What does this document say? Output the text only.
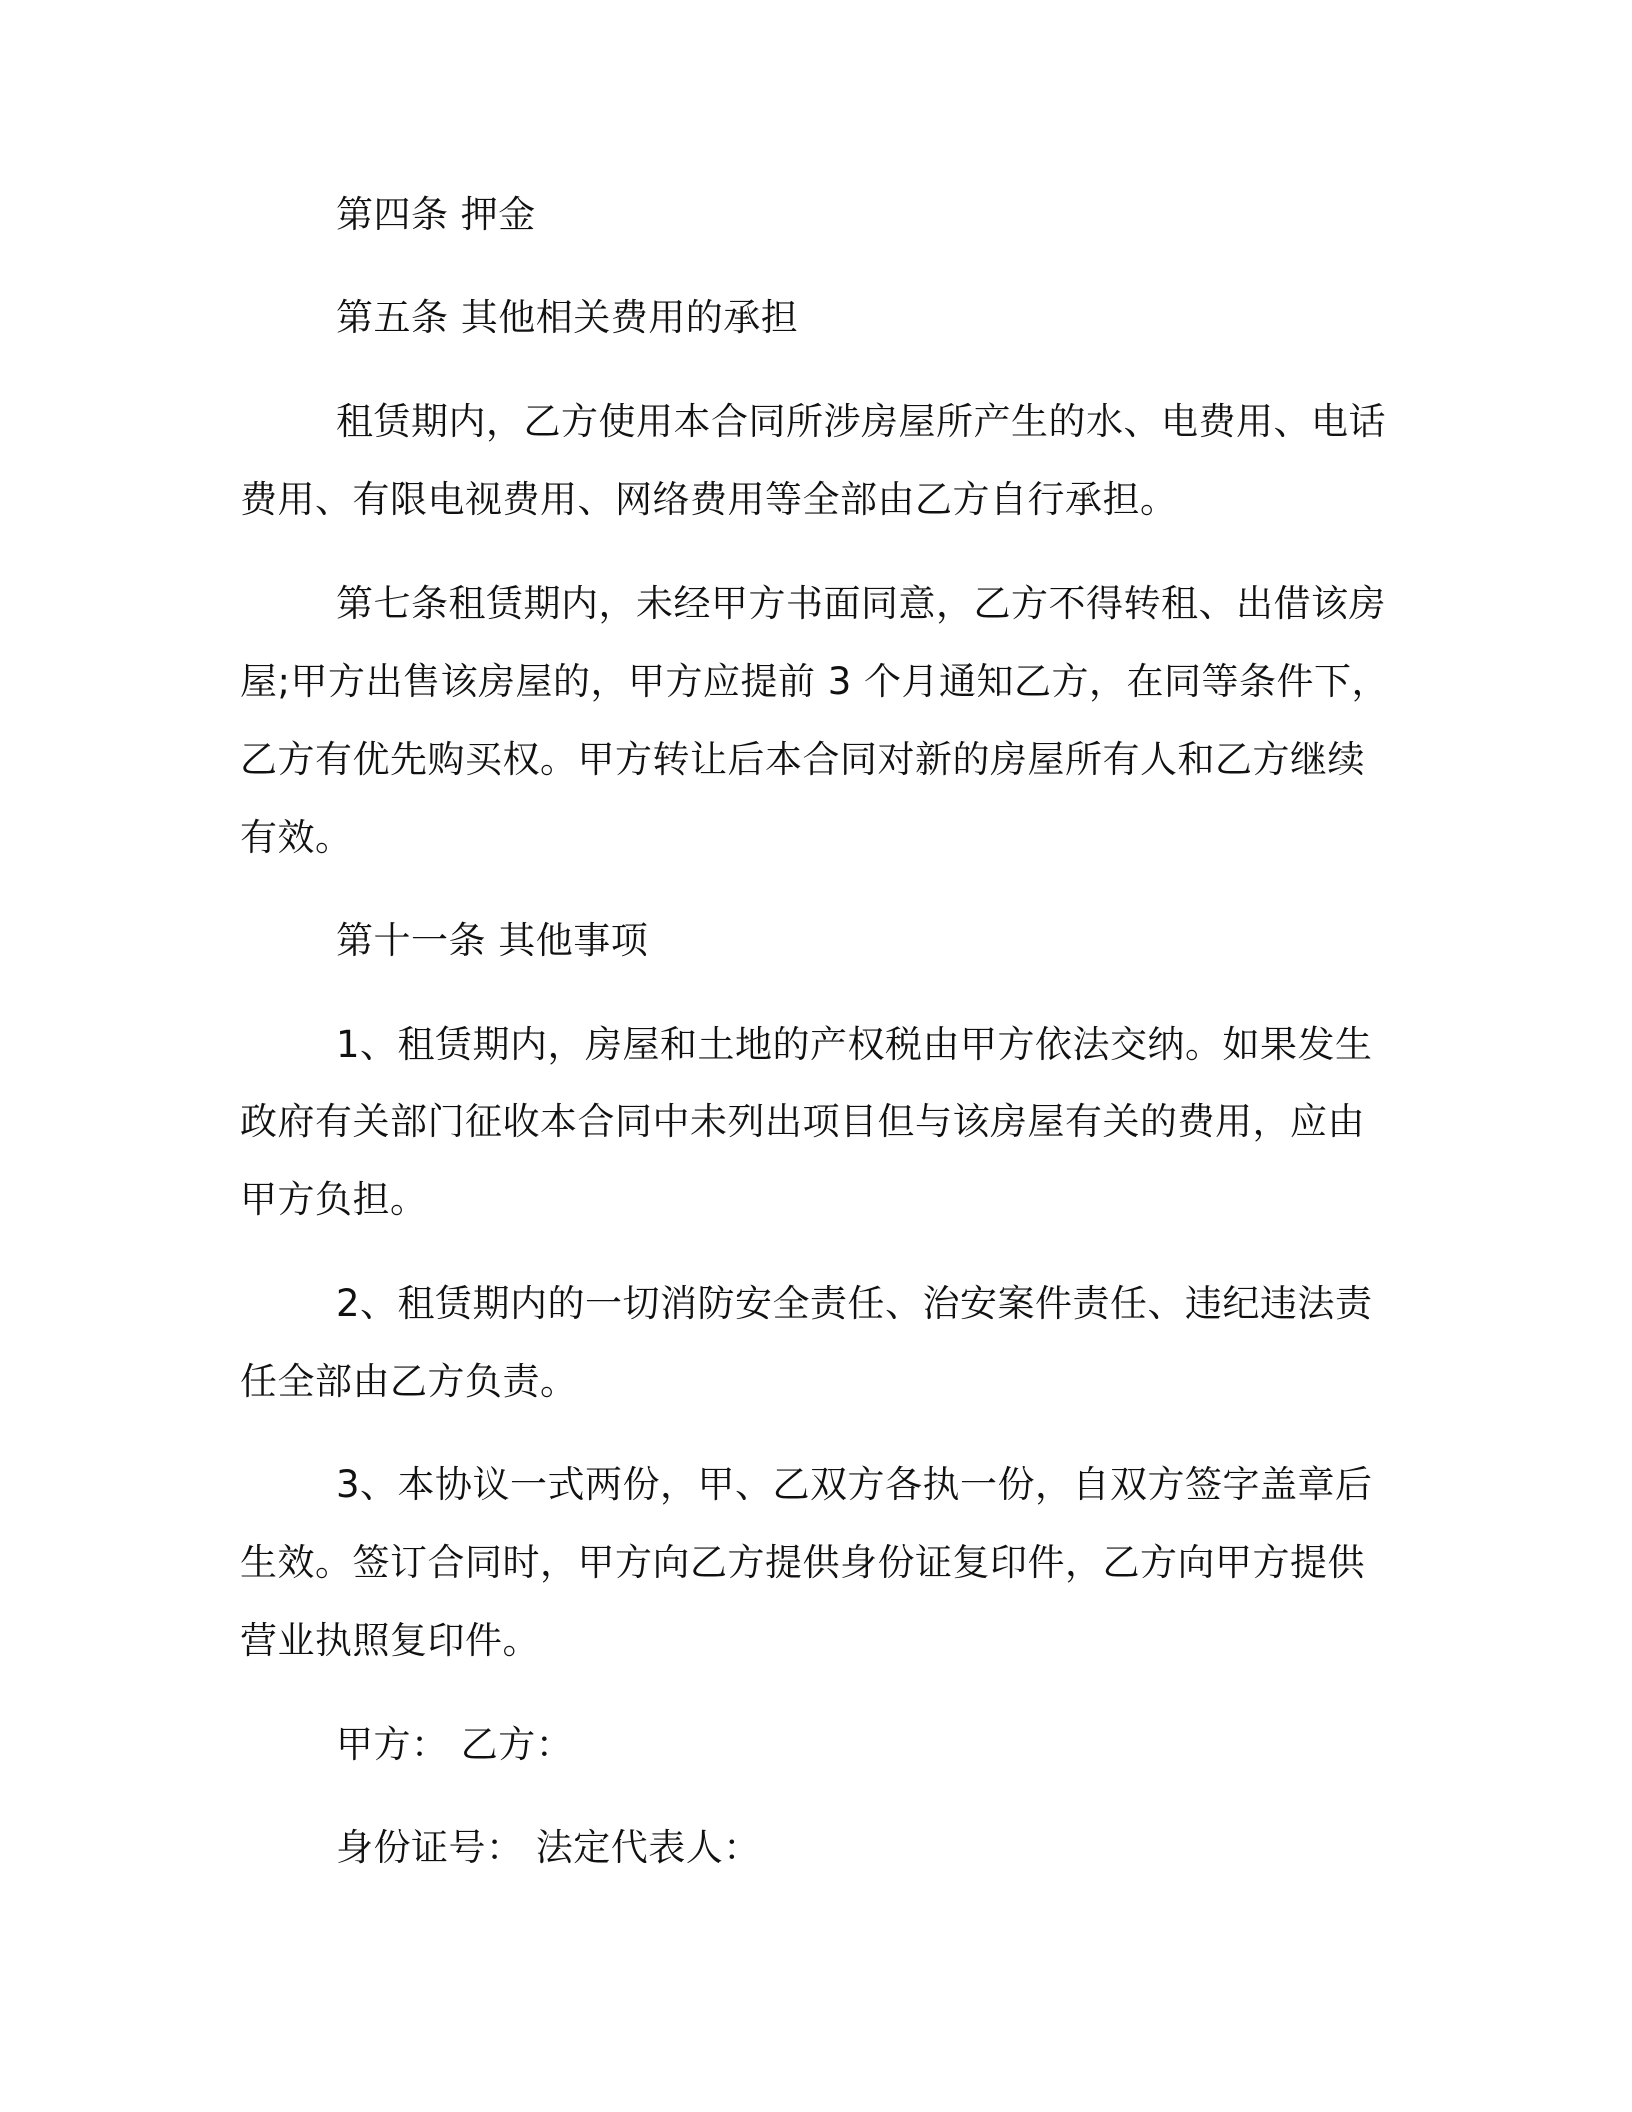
第四条 押金

第五条 其他相关费用的承担

租赁期内，乙方使用本合同所涉房屋所产生的水、电费用、电话

费用、有限电视费用、网络费用等全部由乙方自行承担。

第七条租赁期内，未经甲方书面同意，乙方不得转租、出借该房

屋;甲方出售该房屋的，甲方应提前 3 个月通知乙方，在同等条件下，

乙方有优先购买权。甲方转让后本合同对新的房屋所有人和乙方继续

有效。

第十一条 其他事项

1、租赁期内，房屋和土地的产权税由甲方依法交纳。如果发生

政府有关部门征收本合同中未列出项目但与该房屋有关的费用，应由

甲方负担。

2、租赁期内的一切消防安全责任、治安案件责任、违纪违法责

任全部由乙方负责。

3、本协议一式两份，甲、乙双方各执一份，自双方签字盖章后

生效。签订合同时，甲方向乙方提供身份证复印件，乙方向甲方提供

营业执照复印件。

甲方： 乙方：

身份证号： 法定代表人：
